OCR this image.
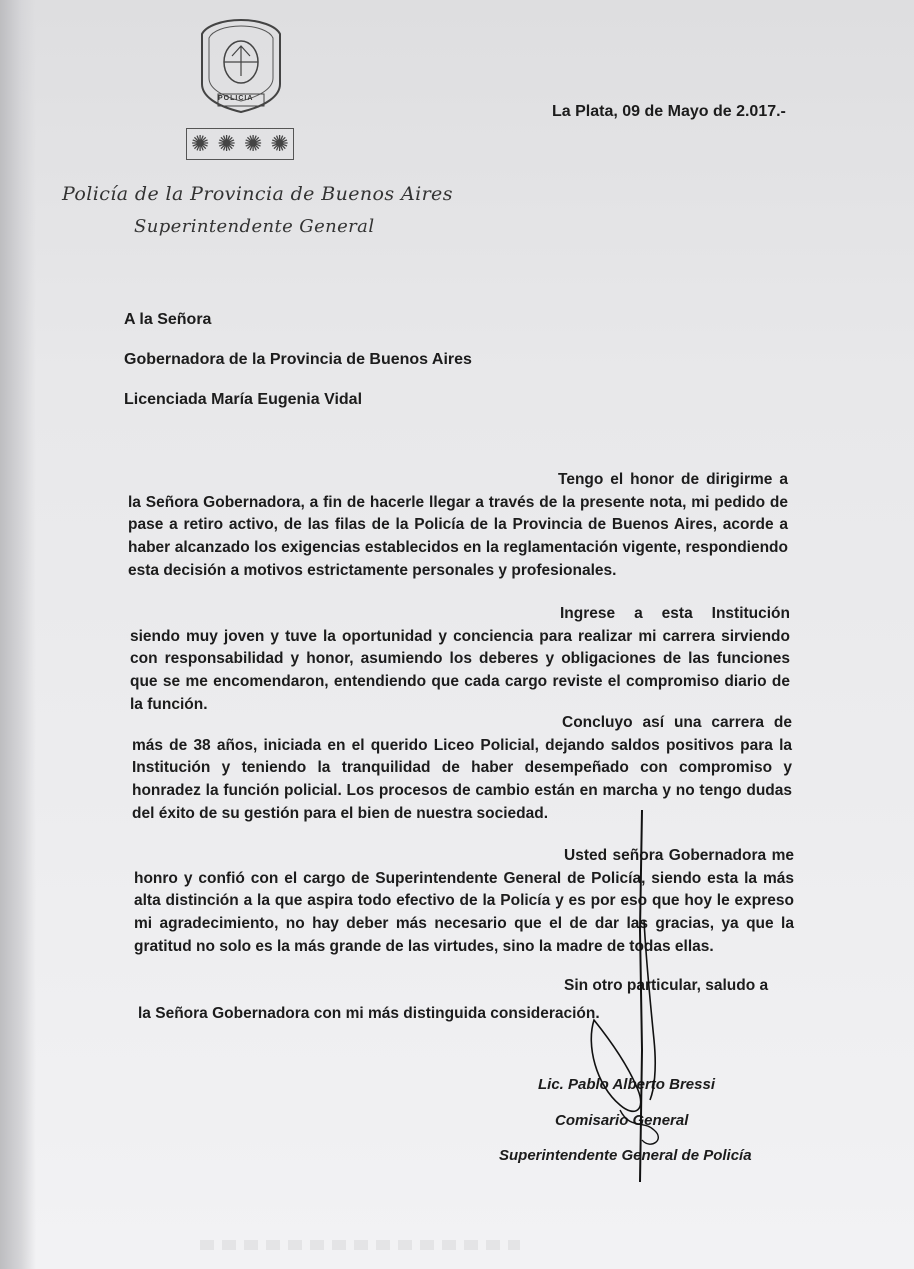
POLICIA
✺ ✺ ✺ ✺
Policía de la Provincia de Buenos Aires
Superintendente General
La Plata, 09 de Mayo de 2.017.-
A la Señora
Gobernadora de la Provincia de Buenos Aires
Licenciada María Eugenia Vidal
Tengo el honor de dirigirme a la Señora Gobernadora, a fin de hacerle llegar a través de la presente nota, mi pedido de pase a retiro activo, de las filas de la Policía de la Provincia de Buenos Aires, acorde a haber alcanzado los exigencias establecidos en la reglamentación vigente, respondiendo esta decisión a motivos estrictamente personales y profesionales.
Ingrese a esta Institución siendo muy joven y tuve la oportunidad y conciencia para realizar mi carrera sirviendo con responsabilidad y honor, asumiendo los deberes y obligaciones de las funciones que se me encomendaron, entendiendo que cada cargo reviste el compromiso diario de la función.
Concluyo así una carrera de más de 38 años, iniciada en el querido Liceo Policial, dejando saldos positivos para la Institución y teniendo la tranquilidad de haber desempeñado con compromiso y honradez la función policial. Los procesos de cambio están en marcha y no tengo dudas del éxito de su gestión para el bien de nuestra sociedad.
Usted señora Gobernadora me honro y confió con el cargo de Superintendente General de Policía, siendo esta la más alta distinción a la que aspira todo efectivo de la Policía y es por eso que hoy le expreso mi agradecimiento, no hay deber más necesario que el de dar las gracias, ya que la gratitud no solo es la más grande de las virtudes, sino la madre de todas ellas.
Sin otro particular, saludo a la Señora Gobernadora con mi más distinguida consideración.
Lic. Pablo Alberto Bressi
Comisario General
Superintendente General de Policía
